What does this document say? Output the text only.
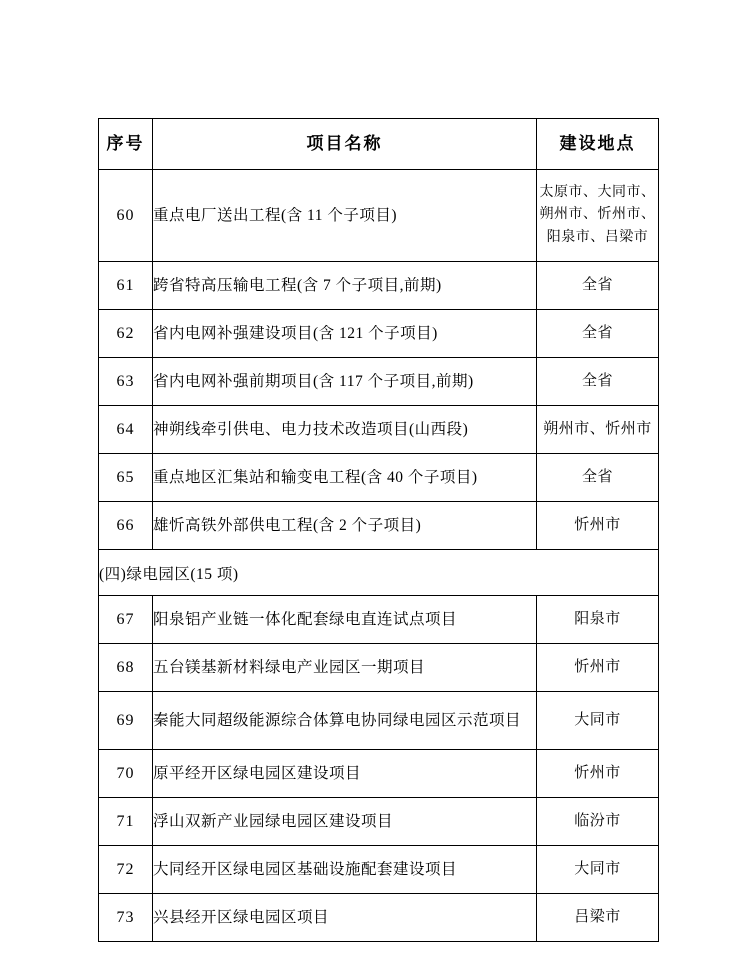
序号	项目名称	建设地点
60	重点电厂送出工程(含 11 个子项目)	太原市、大同市、
朔州市、忻州市、
阳泉市、吕梁市

61	跨省特高压输电工程(含 7 个子项目,前期)	全省
62	省内电网补强建设项目(含 121 个子项目)	全省
63	省内电网补强前期项目(含 117 个子项目,前期)	全省
64	神朔线牵引供电、电力技术改造项目(山西段)	朔州市、忻州市
65	重点地区汇集站和输变电工程(含 40 个子项目)	全省
66	雄忻高铁外部供电工程(含 2 个子项目)	忻州市
(四)绿电园区(15 项)		
67	阳泉铝产业链一体化配套绿电直连试点项目	阳泉市
68	五台镁基新材料绿电产业园区一期项目	忻州市
69	秦能大同超级能源综合体算电协同绿电园区示范项目	大同市
70	原平经开区绿电园区建设项目	忻州市
71	浮山双新产业园绿电园区建设项目	临汾市
72	大同经开区绿电园区基础设施配套建设项目	大同市
73	兴县经开区绿电园区项目	吕梁市
